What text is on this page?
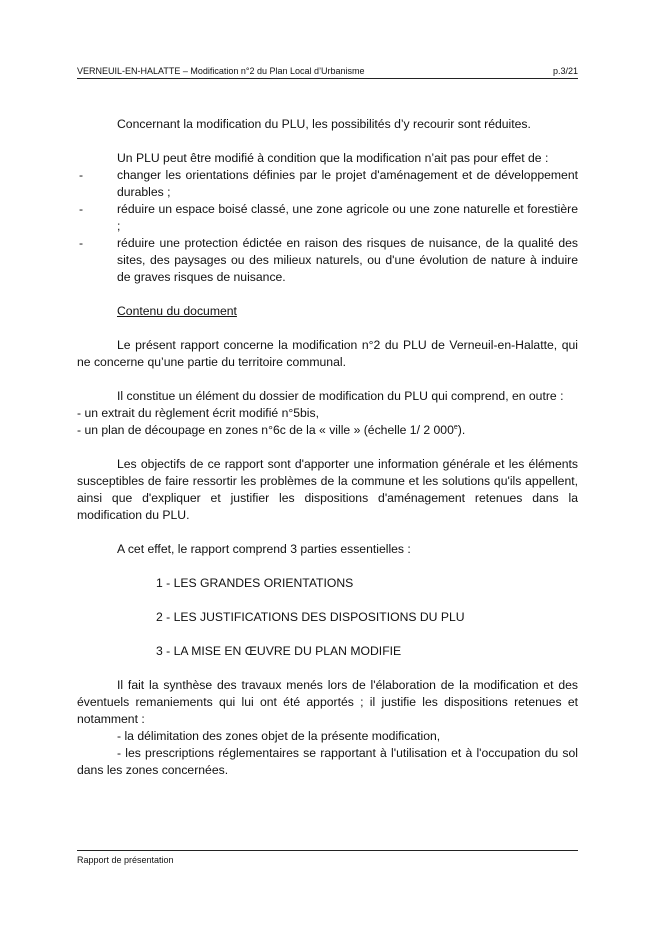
VERNEUIL-EN-HALATTE – Modification n°2 du Plan Local d’Urbanisme	p.3/21

Concernant la modification du PLU, les possibilités d’y recourir sont réduites.

Un PLU peut être modifié à condition que la modification n’ait pas pour effet de :

- changer les orientations définies par le projet d'aménagement et de développement durables ;
- réduire un espace boisé classé, une zone agricole ou une zone naturelle et forestière ;
- réduire une protection édictée en raison des risques de nuisance, de la qualité des sites, des paysages ou des milieux naturels, ou d'une évolution de nature à induire de graves risques de nuisance.

Contenu du document

Le présent rapport concerne la modification n°2 du PLU de Verneuil-en-Halatte, qui ne concerne qu’une partie du territoire communal.

Il constitue un élément du dossier de modification du PLU qui comprend, en outre :

- un extrait du règlement écrit modifié n°5bis,

- un plan de découpage en zones n°6c de la « ville » (échelle 1/ 2 000e).

Les objectifs de ce rapport sont d'apporter une information générale et les éléments susceptibles de faire ressortir les problèmes de la commune et les solutions qu'ils appellent, ainsi que d'expliquer et justifier les dispositions d'aménagement retenues dans la modification du PLU.

A cet effet, le rapport comprend 3 parties essentielles :

1 - LES GRANDES ORIENTATIONS

2 - LES JUSTIFICATIONS DES DISPOSITIONS DU PLU

3 - LA MISE EN ŒUVRE DU PLAN MODIFIE

Il fait la synthèse des travaux menés lors de l'élaboration de la modification et des éventuels remaniements qui lui ont été apportés ; il justifie les dispositions retenues et notamment :

- la délimitation des zones objet de la présente modification,

- les prescriptions réglementaires se rapportant à l'utilisation et à l'occupation du sol dans les zones concernées.

Rapport de présentation
